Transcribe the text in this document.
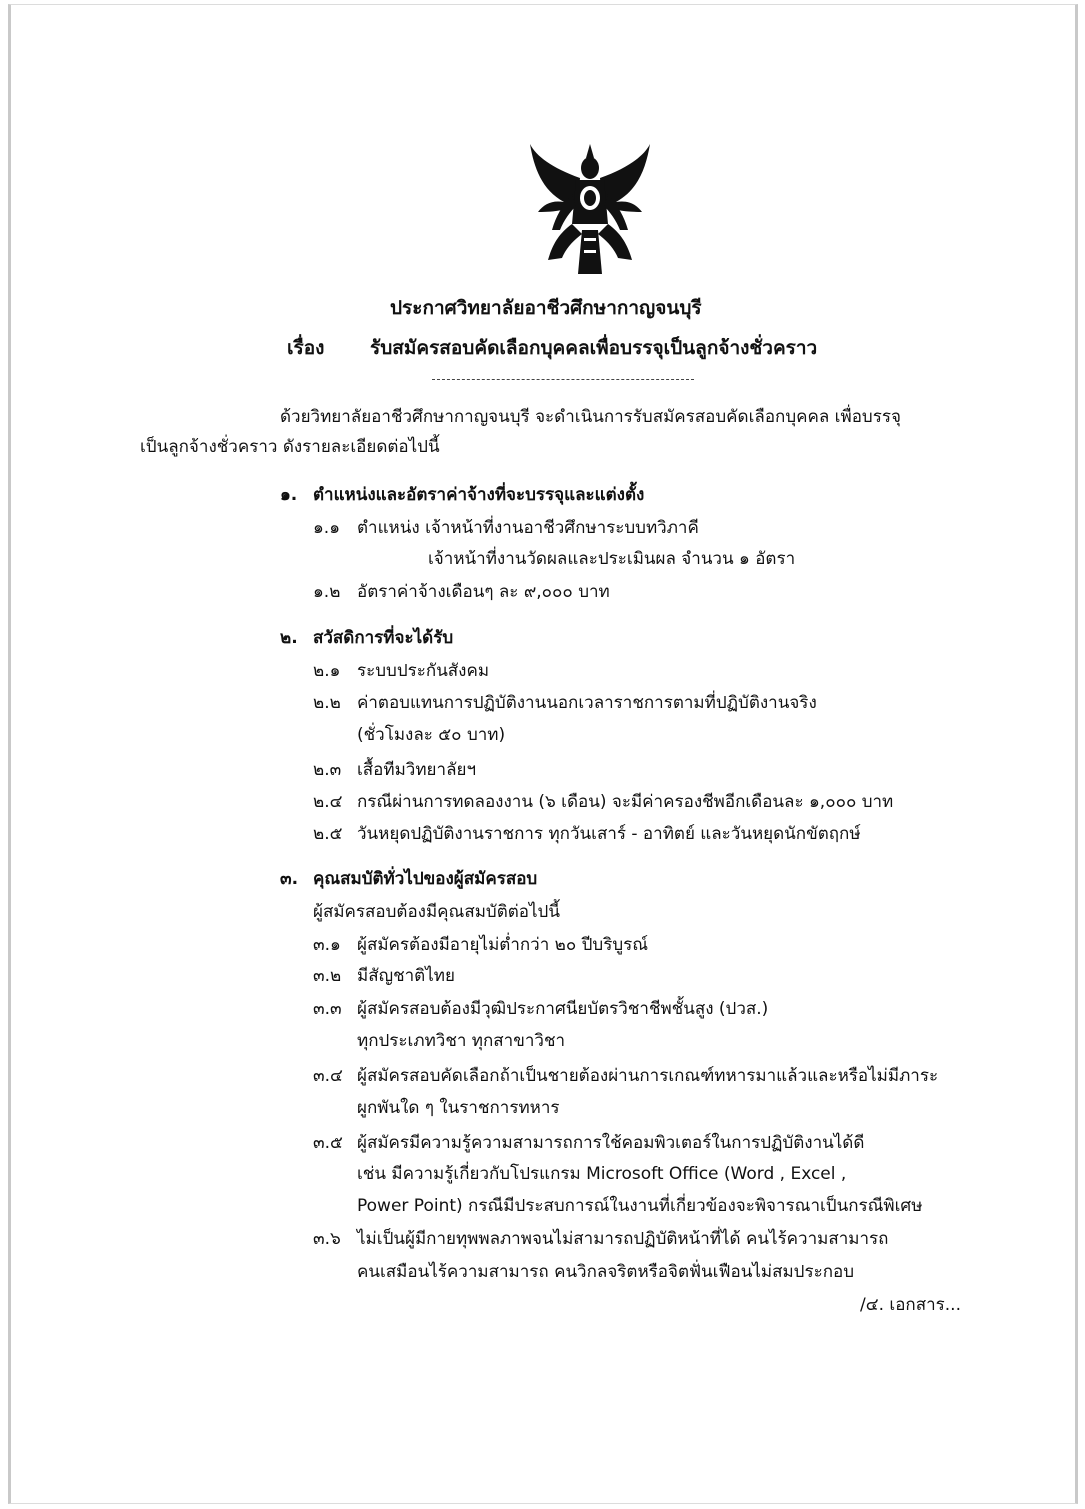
ประกาศวิทยาลัยอาชีวศึกษากาญจนบุรี
เรื่อง รับสมัครสอบคัดเลือกบุคคลเพื่อบรรจุเป็นลูกจ้างชั่วคราว
ด้วยวิทยาลัยอาชีวศึกษากาญจนบุรี จะดำเนินการรับสมัครสอบคัดเลือกบุคคล เพื่อบรรจุ
เป็นลูกจ้างชั่วคราว ดังรายละเอียดต่อไปนี้
๑. ตำแหน่งและอัตราค่าจ้างที่จะบรรจุและแต่งตั้ง
๑.๑ ตำแหน่ง เจ้าหน้าที่งานอาชีวศึกษาระบบทวิภาคี
เจ้าหน้าที่งานวัดผลและประเมินผล จำนวน ๑ อัตรา
๑.๒ อัตราค่าจ้างเดือนๆ ละ ๙,๐๐๐ บาท
๒. สวัสดิการที่จะได้รับ
๒.๑ ระบบประกันสังคม
๒.๒ ค่าตอบแทนการปฏิบัติงานนอกเวลาราชการตามที่ปฏิบัติงานจริง
(ชั่วโมงละ ๕๐ บาท)
๒.๓ เสื้อทีมวิทยาลัยฯ
๒.๔ กรณีผ่านการทดลองงาน (๖ เดือน) จะมีค่าครองชีพอีกเดือนละ ๑,๐๐๐ บาท
๒.๕ วันหยุดปฏิบัติงานราชการ ทุกวันเสาร์ - อาทิตย์ และวันหยุดนักขัตฤกษ์
๓. คุณสมบัติทั่วไปของผู้สมัครสอบ
ผู้สมัครสอบต้องมีคุณสมบัติต่อไปนี้
๓.๑ ผู้สมัครต้องมีอายุไม่ต่ำกว่า ๒๐ ปีบริบูรณ์
๓.๒ มีสัญชาติไทย
๓.๓ ผู้สมัครสอบต้องมีวุฒิประกาศนียบัตรวิชาชีพชั้นสูง (ปวส.)
ทุกประเภทวิชา ทุกสาขาวิชา
๓.๔ ผู้สมัครสอบคัดเลือกถ้าเป็นชายต้องผ่านการเกณฑ์ทหารมาแล้วและหรือไม่มีภาระ
ผูกพันใด ๆ ในราชการทหาร
๓.๕ ผู้สมัครมีความรู้ความสามารถการใช้คอมพิวเตอร์ในการปฏิบัติงานได้ดี
เช่น มีความรู้เกี่ยวกับโปรแกรม Microsoft Office (Word , Excel ,
Power Point) กรณีมีประสบการณ์ในงานที่เกี่ยวข้องจะพิจารณาเป็นกรณีพิเศษ
๓.๖ ไม่เป็นผู้มีกายทุพพลภาพจนไม่สามารถปฏิบัติหน้าที่ได้ คนไร้ความสามารถ
คนเสมือนไร้ความสามารถ คนวิกลจริตหรือจิตฟั่นเฟือนไม่สมประกอบ
/๔. เอกสาร...
